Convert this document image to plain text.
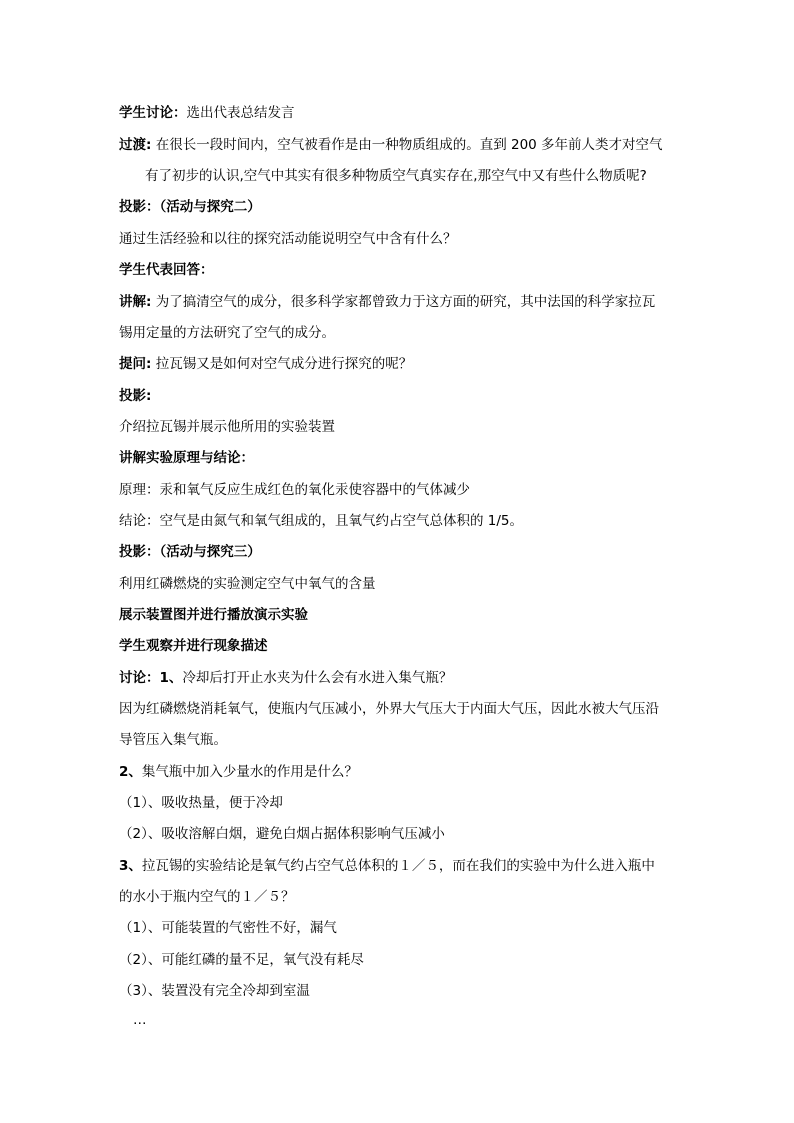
学生讨论：选出代表总结发言
过渡: 在很长一段时间内，空气被看作是由一种物质组成的。直到 200 多年前人类才对空气
有了初步的认识,空气中其实有很多种物质空气真实存在,那空气中又有些什么物质呢?
投影：（活动与探究二）
通过生活经验和以往的探究活动能说明空气中含有什么？
学生代表回答：
讲解: 为了搞清空气的成分，很多科学家都曾致力于这方面的研究，其中法国的科学家拉瓦
锡用定量的方法研究了空气的成分。
提问: 拉瓦锡又是如何对空气成分进行探究的呢？
投影:
介绍拉瓦锡并展示他所用的实验装置
讲解实验原理与结论：
原理：汞和氧气反应生成红色的氧化汞使容器中的气体减少
结论：空气是由氮气和氧气组成的，且氧气约占空气总体积的 1/5。
投影：（活动与探究三）
利用红磷燃烧的实验测定空气中氧气的含量
展示装置图并进行播放演示实验
学生观察并进行现象描述
讨论：1、冷却后打开止水夹为什么会有水进入集气瓶？
因为红磷燃烧消耗氧气，使瓶内气压减小，外界大气压大于内面大气压，因此水被大气压沿
导管压入集气瓶。
2、集气瓶中加入少量水的作用是什么？
（1）、吸收热量，便于冷却
（2）、吸收溶解白烟，避免白烟占据体积影响气压减小
3、拉瓦锡的实验结论是氧气约占空气总体积的１／５，而在我们的实验中为什么进入瓶中
的水小于瓶内空气的１／５？
（1）、可能装置的气密性不好，漏气
（2）、可能红磷的量不足，氧气没有耗尽
（3）、装置没有完全冷却到室温
…
